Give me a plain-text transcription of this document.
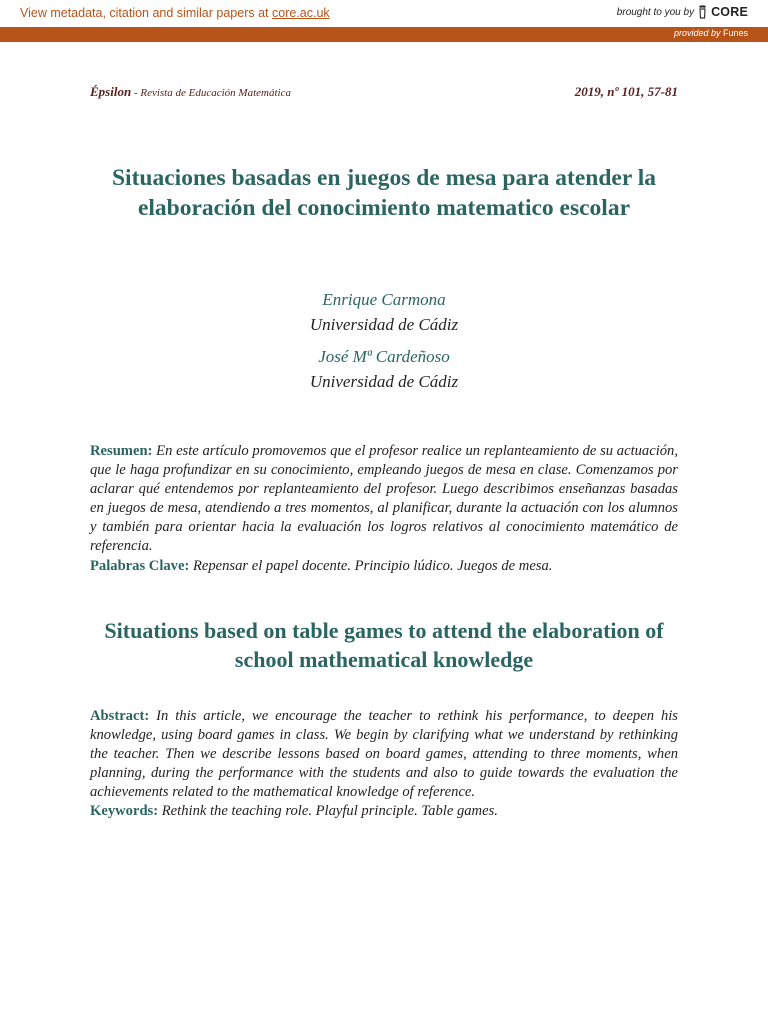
View metadata, citation and similar papers at core.ac.uk	brought to you by CORE
provided by Funes
Épsilon - Revista de Educación Matemática	2019, nº 101, 57-81
Situaciones basadas en juegos de mesa para atender la elaboración del conocimiento matematico escolar
Enrique Carmona
Universidad de Cádiz
José Mª Cardeñoso
Universidad de Cádiz

Resumen: En este artículo promovemos que el profesor realice un replanteamiento de su actuación, que le haga profundizar en su conocimiento, empleando juegos de mesa en clase. Comenzamos por aclarar qué entendemos por replanteamiento del profesor. Luego describimos enseñanzas basadas en juegos de mesa, atendiendo a tres momentos, al planificar, durante la actuación con los alumnos y también para orientar hacia la evaluación los logros relativos al conocimiento matemático de referencia.

Palabras Clave: Repensar el papel docente. Principio lúdico. Juegos de mesa.

Situations based on table games to attend the elaboration of school mathematical knowledge

Abstract: In this article, we encourage the teacher to rethink his performance, to deepen his knowledge, using board games in class. We begin by clarifying what we understand by rethinking the teacher. Then we describe lessons based on board games, attending to three moments, when planning, during the performance with the students and also to guide towards the evaluation the achievements related to the mathematical knowledge of reference.

Keywords: Rethink the teaching role. Playful principle. Table games.
